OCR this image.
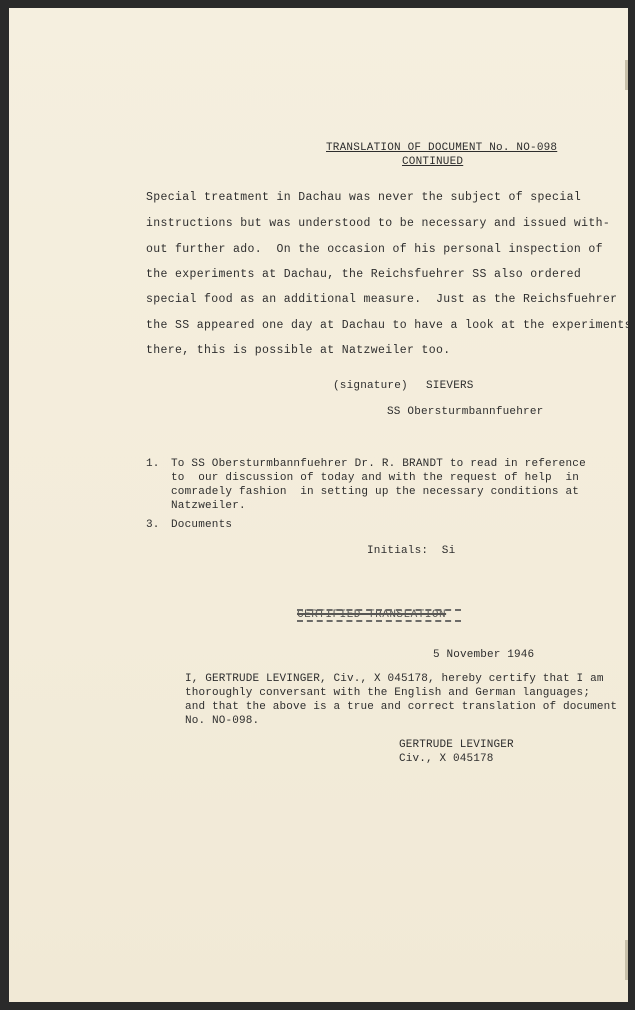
TRANSLATION OF DOCUMENT No. NO-098
CONTINUED
Special treatment in Dachau was never the subject of special
instructions but was understood to be necessary and issued with-
out further ado.  On the occasion of his personal inspection of
the experiments at Dachau, the Reichsfuehrer SS also ordered
special food as an additional measure.  Just as the Reichsfuehrer
the SS appeared one day at Dachau to have a look at the experiments
there, this is possible at Natzweiler too.
(signature) SIEVERS
SS Obersturmbannfuehrer
1. To SS Obersturmbannfuehrer Dr. R. BRANDT to read in reference
to  our discussion of today and with the request of help  in
comradely fashion  in setting up the necessary conditions at
Natzweiler.
3. Documents
Initials:  Si
CERTIFIED TRANSLATION
5 November 1946
I, GERTRUDE LEVINGER, Civ., X 045178, hereby certify that I am
thoroughly conversant with the English and German languages;
and that the above is a true and correct translation of document
No. NO-098.
GERTRUDE LEVINGER
Civ., X 045178
